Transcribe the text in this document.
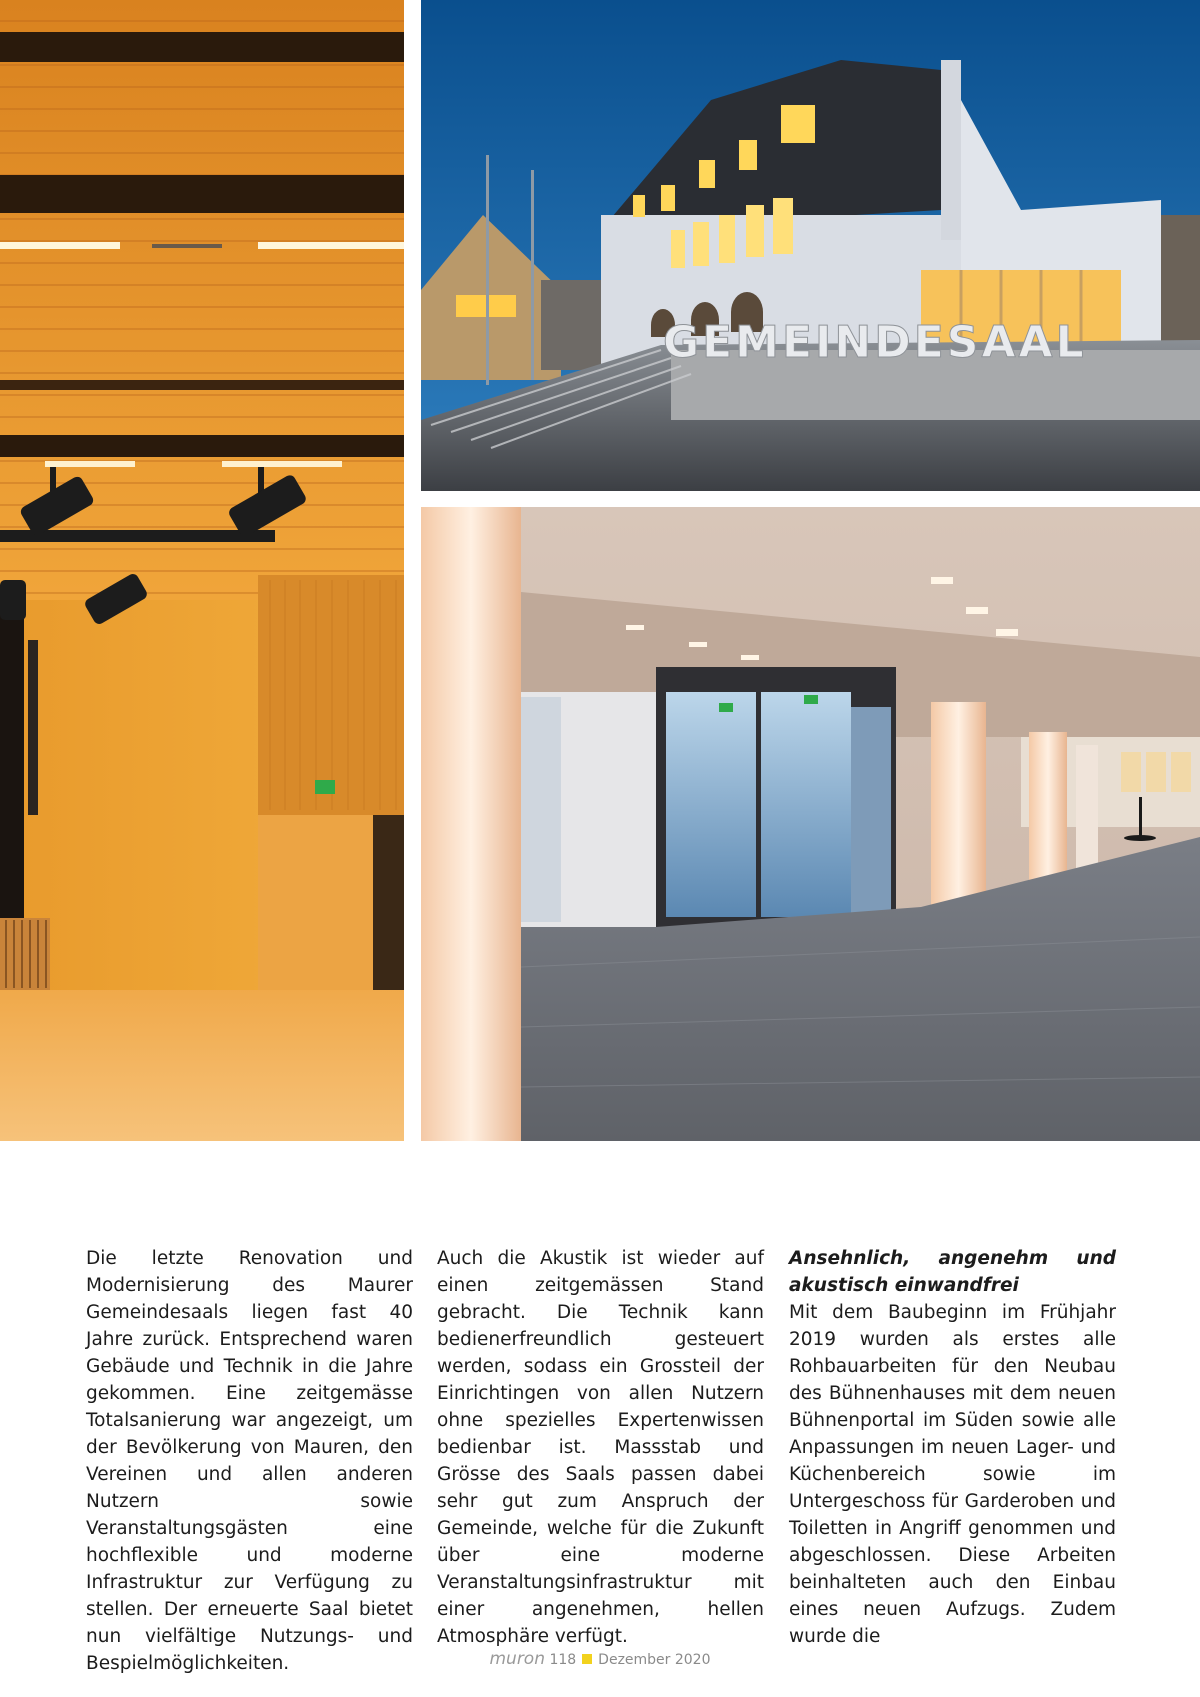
GEMEINDESAAL

Die letzte Renovation und Modernisierung des Maurer Gemeindesaals liegen fast 40 Jahre zurück. Entsprechend waren Gebäude und Technik in die Jahre gekommen. Eine zeitgemässe Totalsanierung war angezeigt, um der Bevölkerung von Mauren, den Vereinen und allen anderen Nutzern sowie Veranstaltungsgästen eine hochflexible und moderne Infrastruktur zur Verfügung zu stellen. Der erneuerte Saal bietet nun vielfältige Nutzungs- und Bespielmöglichkeiten.

Auch die Akustik ist wieder auf einen zeitgemässen Stand gebracht. Die Technik kann bedienerfreundlich gesteuert werden, sodass ein Grossteil der Einrichtingen von allen Nutzern ohne spezielles Expertenwissen bedienbar ist. Massstab und Grösse des Saals passen dabei sehr gut zum Anspruch der Gemeinde, welche für die Zukunft über eine moderne Veranstaltungsinfrastruktur mit einer angenehmen, hellen Atmosphäre verfügt.

Ansehnlich, angenehm und akustisch einwandfrei

Mit dem Baubeginn im Frühjahr 2019 wurden als erstes alle Rohbauarbeiten für den Neubau des Bühnenhauses mit dem neuen Bühnenportal im Süden sowie alle Anpassungen im neuen Lager- und Küchenbereich sowie im Untergeschoss für Garderoben und Toiletten in Angriff genommen und abgeschlossen. Diese Arbeiten beinhalteten auch den Einbau eines neuen Aufzugs. Zudem wurde die

muron 118 Dezember 2020
